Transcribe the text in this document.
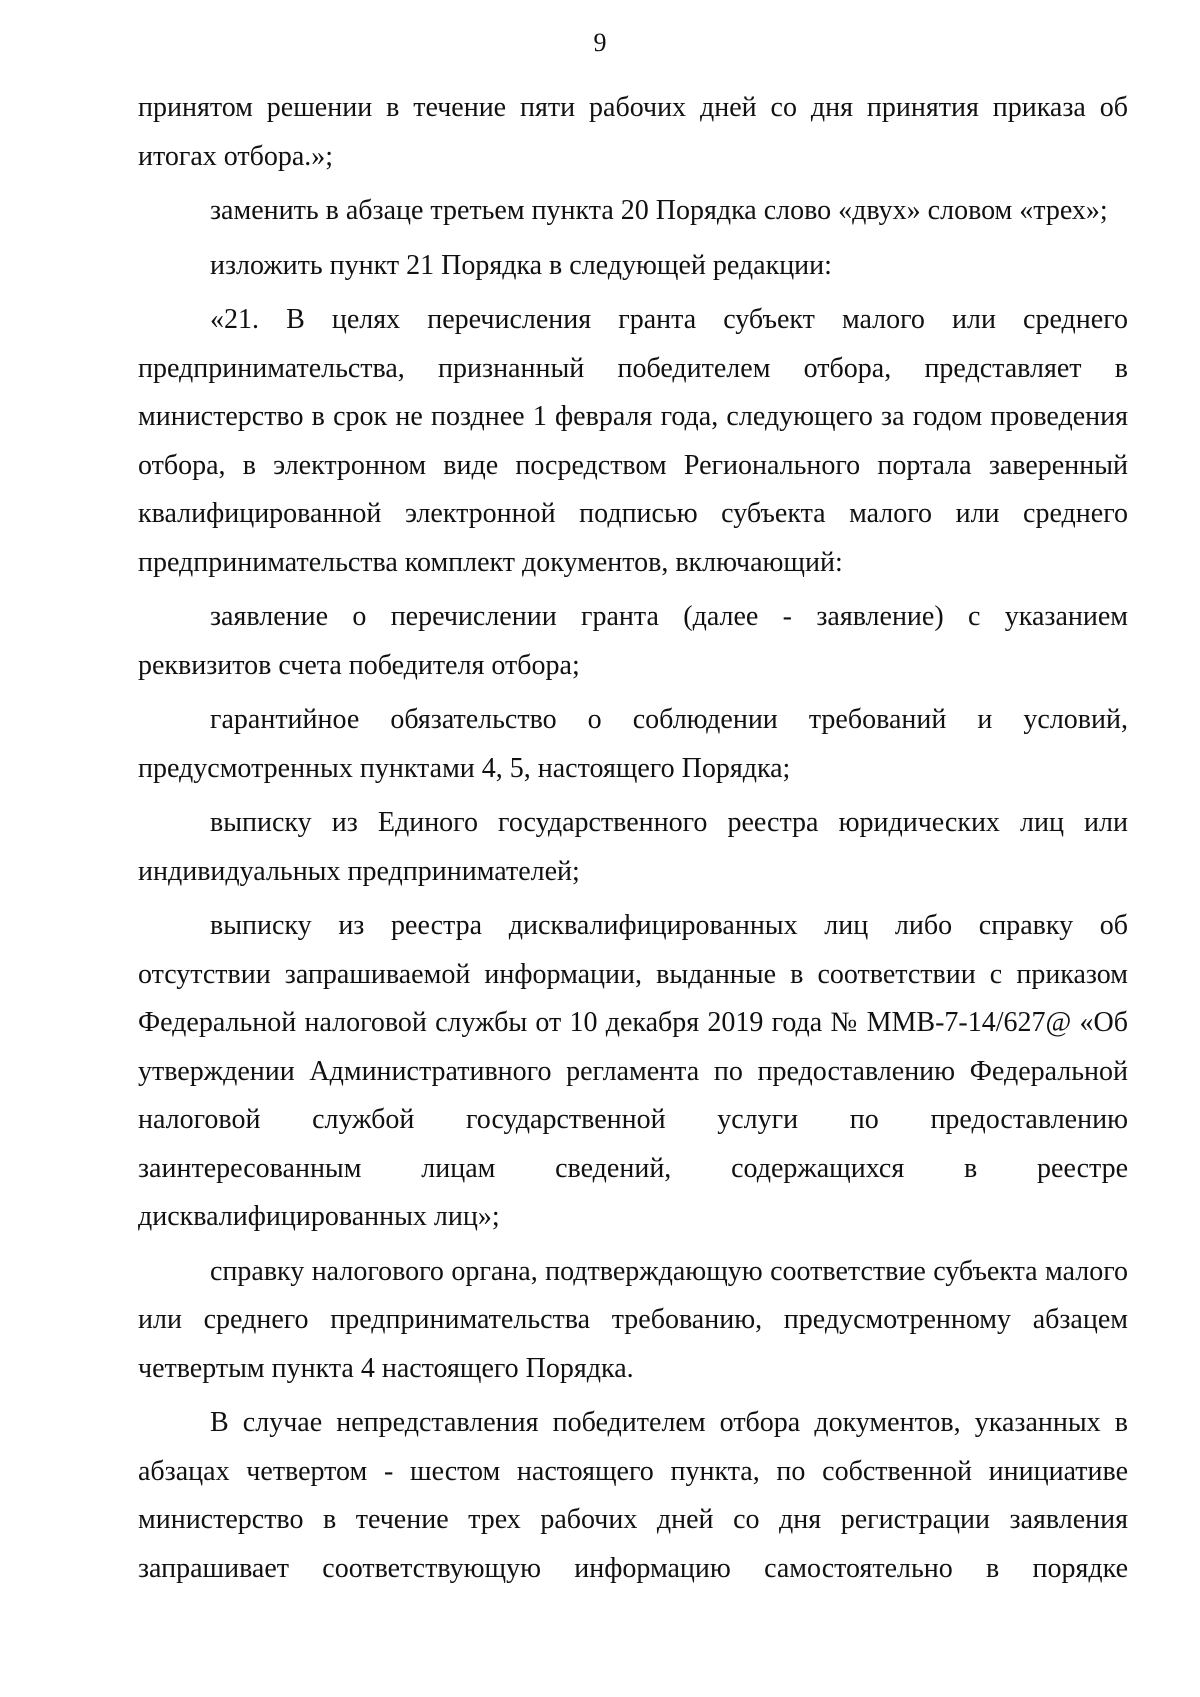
9

принятом решении в течение пяти рабочих дней со дня принятия приказа об итогах отбора.»;

заменить в абзаце третьем пункта 20 Порядка слово «двух» словом «трех»;

изложить пункт 21 Порядка в следующей редакции:

«21. В целях перечисления гранта субъект малого или среднего предпринимательства, признанный победителем отбора, представляет в министерство в срок не позднее 1 февраля года, следующего за годом проведения отбора, в электронном виде посредством Регионального портала заверенный квалифицированной электронной подписью субъекта малого или среднего предпринимательства комплект документов, включающий:

заявление о перечислении гранта (далее - заявление) с указанием реквизитов счета победителя отбора;

гарантийное обязательство о соблюдении требований и условий, предусмотренных пунктами 4, 5, настоящего Порядка;

выписку из Единого государственного реестра юридических лиц или индивидуальных предпринимателей;

выписку из реестра дисквалифицированных лиц либо справку об отсутствии запрашиваемой информации, выданные в соответствии с приказом Федеральной налоговой службы от 10 декабря 2019 года № ММВ-7-14/627@ «Об утверждении Административного регламента по предоставлению Федеральной налоговой службой государственной услуги по предоставлению заинтересованным лицам сведений, содержащихся в реестре дисквалифицированных лиц»;

справку налогового органа, подтверждающую соответствие субъекта малого или среднего предпринимательства требованию, предусмотренному абзацем четвертым пункта 4 настоящего Порядка.

В случае непредставления победителем отбора документов, указанных в абзацах четвертом - шестом настоящего пункта, по собственной инициативе министерство в течение трех рабочих дней со дня регистрации заявления запрашивает соответствующую информацию самостоятельно в порядке
